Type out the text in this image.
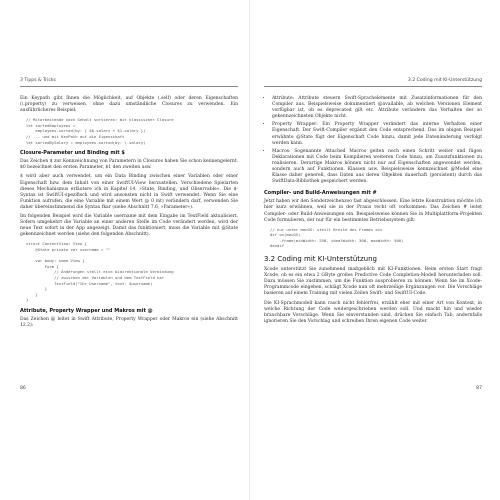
3 Tipps & Tricks

Ein Keypath gibt Ihnen die Möglichkeit, auf Objekte (.self) oder deren Eigenschaften (\.property) zu verweisen, ohne dazu umständliche Closures zu verwenden. Ein ausführlicheres Beispiel:

// Mitarbeitende nach Gehalt sortieren: mit klassischer Closure
let sortedEmployees =
employees.sorted(by: { $0.salary < $1.salary })
// ... und mit KeyPath auf die Eigenschaft
let sortedBySalary = employees.sorted(by: \.salary)
Closure-Parameter und Binding mit $

Das Zeichen $ zur Kennzeichnung von Parametern in Closures haben Sie schon kennengelernt. $0 bezeichnet den ersten Parameter, $1 den zweiten usw.

$ wird aber auch verwendet, um ein Data Binding zwischen einer Variablen oder einer Eigenschaft bzw. dem Inhalt von einer SwiftUI-View herzustellen. Verschiedene Spielarten dieses Mechanismus erläutere ich in Kapitel 14, »State, Binding, und Observable«. Die $-Syntax ist SwiftUI-spezifisch und wird ansonsten nicht in Swift verwendet. Wenn Sie eine Funktion aufrufen, die eine Variable mit einem Wert (p 0 int) verändern darf, verwenden Sie daher übereinstimmend die Syntax fkar (siehe Abschnitt 7.6, »Parameter«).

Im folgenden Beispiel wird die Variable username mit dem Eingabe im TextField aktualisiert. Sofern umgekehrt die Variable an einer anderen Stelle im Code verändert werden, wird der neue Text sofort in der App angezeigt. Damit das funktioniert, muss die Variable mit @State gekennzeichnet werden (siehe den folgenden Abschnitt).

struct ContentView: View {
@State private var username = ""

var body: some View {
Form {
// Änderungen stellt eine bidirektionale Verbindung
// zwischen der Variablen und dem TextField her
TextField("Ihr Username", text: $username)
}
}
}
Attribute, Property Wrapper und Makros mit @

Das Zeichen @ leitet in Swift Attribute, Property Wrapper oder Makros ein (siehe Abschnitt 12.2):

86
3.2 Coding mit KI-Unterstützung
• Attribute: Attribute steuern Swift-Sprachelemente mit Zusatzinformationen für den Compiler aus. Beispielsweise dokumentiert @available, ab welchen Versionen Element verfügbar ist, ob es deprecated gilt etc. Attribute verändern das Verhalten der so gekennzeichneten Objekte nicht.
• Property Wrapper: Ein Property Wrapper verändert das interne Verhalten einer Eigenschaft. Der Swift-Compiler ergänzt den Code entsprechend. Das im obigen Beispiel erwähnte @State fügt der Eigenschaft Code hinzu, damit jede Datenänderung verfolgt werden kann.
• Macros: Sogenannte Attached Macros gelten noch einen Schritt weiter und fügen Deklarationen mit Code beim Kompilieren weiteren Code hinzu, um Zusatzfunktionen zu realisieren. Derartige Makros können nicht nur auf Eigenschaften angewendet werden, sondern auch auf Funktionen, Klassen usw. Beispielsweise kennzeichnet @Model eine Klasse daher generell, dass Daten aus deren Objekten dauerhaft (persistent) durch das SwiftData-Bibliothek gespeichert werden.
Compiler- und Build-Anweisungen mit #

Jetzt haben wir den Sonderzeichenzoo fast abgeschlossen. Eine letzte Konstruktion möchte ich hier kurz erwähnen, weil sie in der Praxis recht oft vorkommen: Das Zeichen # leitet Compiler- oder Build-Anweisungen ein. Beispielsweise können Sie in Multiplattform-Projekten Code formulieren, der nur für ein bestimmtes Betriebssystem gilt:

// nur unter macOS: steilt Breite des Frames ein
#if os(macOS)
.frame(minWidth: 250, idealWidth: 300, maxWidth: 500)
#endif
3.2 Coding mit KI-Unterstützung

Xcode unterstützt Sie zunehmend maßgeblich mit KI-Funktionen. Beim ersten Start fragt Xcode, ob es ein etwa 2 GByte großes Predictive Code Completion-Modell herunterladen soll. Dazu müssen Sie zustimmen, um die Funktion ausprobieren zu können. Wenn Sie im Xcode-Programmcode eingeben, schlägt Xcode nun oft mehrzeilige Ergänzungen vor. Die Vorschläge basieren auf einem Training mit vielen Zeilen Swift- und SwiftUI-Code.

Die KI-Sprachmodell kann rasch nicht fehlerfrei, erzählt eher mit einer Art von Kontext, in welche Richtung der Code weitergeschrieben werden soll. Und macht hin und wieder brauchbare Vorschläge. Wenn Sie einverstanden sind, drücken Sie einfach Tab, andernfalls ignorieren Sie den Vorschlag und schreiben Ihren eigenen Code weiter.

87
